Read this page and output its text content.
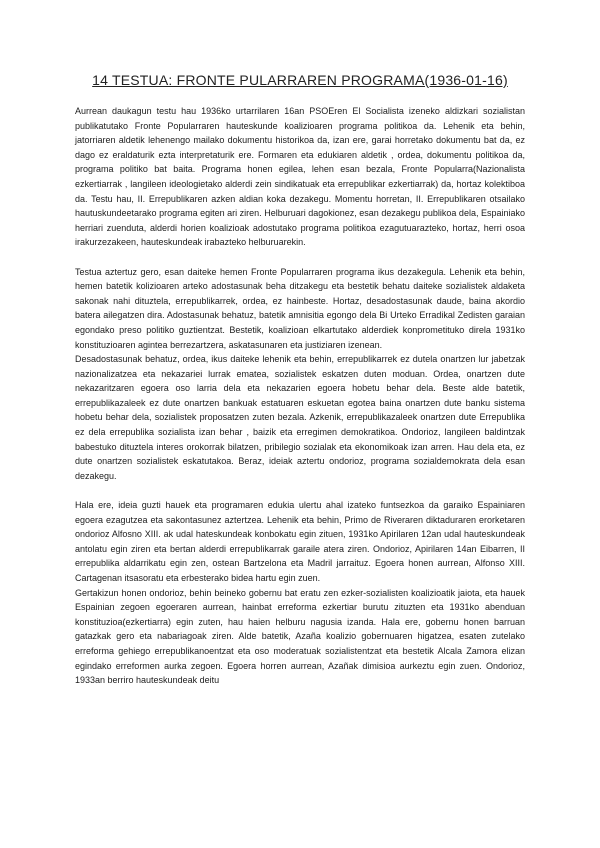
14 TESTUA: FRONTE PULARRAREN PROGRAMA(1936-01-16)

Aurrean daukagun testu hau 1936ko urtarrilaren 16an PSOEren El Socialista izeneko aldizkari sozialistan publikatutako Fronte Popularraren hauteskunde koalizioaren programa politikoa da. Lehenik eta behin, jatorriaren aldetik lehenengo mailako dokumentu historikoa da, izan ere, garai horretako dokumentu bat da, ez dago ez eraldaturik ezta interpretaturik ere. Formaren eta edukiaren aldetik , ordea, dokumentu politikoa da, programa politiko bat baita. Programa honen egilea, lehen esan bezala, Fronte Popularra(Nazionalista ezkertiarrak , langileen ideologietako alderdi zein sindikatuak eta errepublikar ezkertiarrak) da, hortaz kolektiboa da. Testu hau, II. Errepublikaren azken aldian koka dezakegu. Momentu horretan, II. Errepublikaren otsailako hautuskundeetarako programa egiten ari ziren. Helburuari dagokionez, esan dezakegu publikoa dela, Espainiako herriari zuenduta, alderdi horien koalizioak adostutako programa politikoa ezagutuarazteko, hortaz, herri osoa irakurzezakeen, hauteskundeak irabazteko helburuarekin.

Testua aztertuz gero, esan daiteke hemen Fronte Popularraren programa ikus dezakegula. Lehenik eta behin, hemen batetik kolizioaren arteko adostasunak beha ditzakegu eta bestetik behatu daiteke sozialistek aldaketa sakonak nahi dituztela, errepublikarrek, ordea, ez hainbeste. Hortaz, desadostasunak daude, baina akordio batera ailegatzen dira. Adostasunak behatuz, batetik amnisitia egongo dela Bi Urteko Erradikal Zedisten garaian egondako preso politiko guztientzat. Bestetik, koalizioan elkartutako alderdiek konprometituko direla 1931ko konstituzioaren agintea berrezartzera, askatasunaren eta justiziaren izenean.

Desadostasunak behatuz, ordea, ikus daiteke lehenik eta behin, errepublikarrek ez dutela onartzen lur jabetzak nazionalizatzea eta nekazariei lurrak ematea, sozialistek eskatzen duten moduan. Ordea, onartzen dute nekazaritzaren egoera oso larria dela eta nekazarien egoera hobetu behar dela. Beste alde batetik, errepublikazaleek ez dute onartzen bankuak estatuaren eskuetan egotea baina onartzen dute banku sistema hobetu behar dela, sozialistek proposatzen zuten bezala. Azkenik, errepublikazaleek onartzen dute Errepublika ez dela errepublika sozialista izan behar , baizik eta erregimen demokratikoa. Ondorioz, langileen baldintzak babestuko dituztela interes orokorrak bilatzen, pribilegio sozialak eta ekonomikoak izan arren. Hau dela eta, ez dute onartzen sozialistek eskatutakoa. Beraz, ideiak aztertu ondorioz, programa sozialdemokrata dela esan dezakegu.

Hala ere, ideia guzti hauek eta programaren edukia ulertu ahal izateko funtsezkoa da garaiko Espainiaren egoera ezagutzea eta sakontasunez aztertzea. Lehenik eta behin, Primo de Riveraren diktaduraren erorketaren ondorioz Alfosno XIII. ak udal hateskundeak konbokatu egin zituen, 1931ko Apirilaren 12an udal hauteskundeak antolatu egin ziren eta bertan alderdi errepublikarrak garaile atera ziren. Ondorioz, Apirilaren 14an Eibarren, II errepublika aldarrikatu egin zen, ostean Bartzelona eta Madril jarraituz. Egoera honen aurrean, Alfonso XIII. Cartagenan itsasoratu eta erbesterako bidea hartu egin zuen.

Gertakizun honen ondorioz, behin beineko gobernu bat eratu zen ezker-sozialisten koalizioatik jaiota, eta hauek Espainian zegoen egoeraren aurrean, hainbat erreforma ezkertiar burutu zituzten eta 1931ko abenduan konstituzioa(ezkertiarra) egin zuten, hau haien helburu nagusia izanda. Hala ere, gobernu honen barruan gatazkak gero eta nabariagoak ziren. Alde batetik, Azaña koalizio gobernuaren higatzea, esaten zutelako erreforma gehiego errepublikanoentzat eta oso moderatuak sozialistentzat eta bestetik Alcala Zamora elizan egindako erreformen aurka zegoen. Egoera horren aurrean, Azañak dimisioa aurkeztu egin zuen. Ondorioz, 1933an berriro hauteskundeak deitu
